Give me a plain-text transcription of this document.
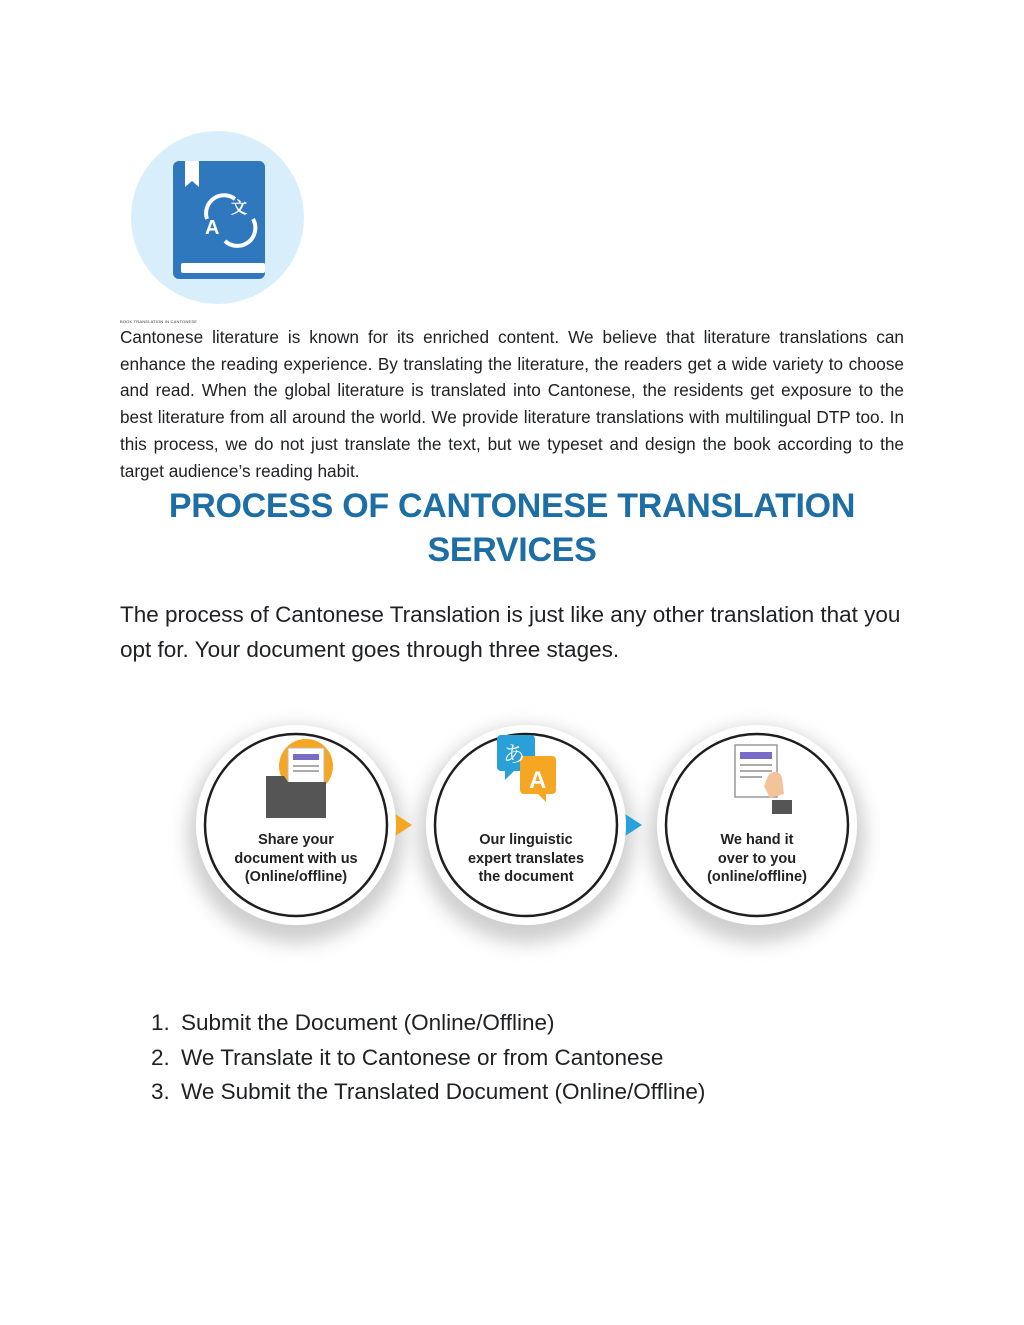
A
文
BOOK TRANSLATION IN CANTONESE

Cantonese literature is known for its enriched content. We believe that literature translations can enhance the reading experience. By translating the literature, the readers get a wide variety to choose and read. When the global literature is translated into Cantonese, the residents get exposure to the best literature from all around the world. We provide literature translations with multilingual DTP too. In this process, we do not just translate the text, but we typeset and design the book according to the target audience’s reading habit.

PROCESS OF CANTONESE TRANSLATION
SERVICES

The process of Cantonese Translation is just like any other translation that you opt for. Your document goes through three stages.

あ
A
Share your
document with us
(Online/offline)
Our linguistic
expert translates
the document
We hand it
over to you
(online/offline)
1. Submit the Document (Online/Offline)
2. We Translate it to Cantonese or from Cantonese
3. We Submit the Translated Document (Online/Offline)
